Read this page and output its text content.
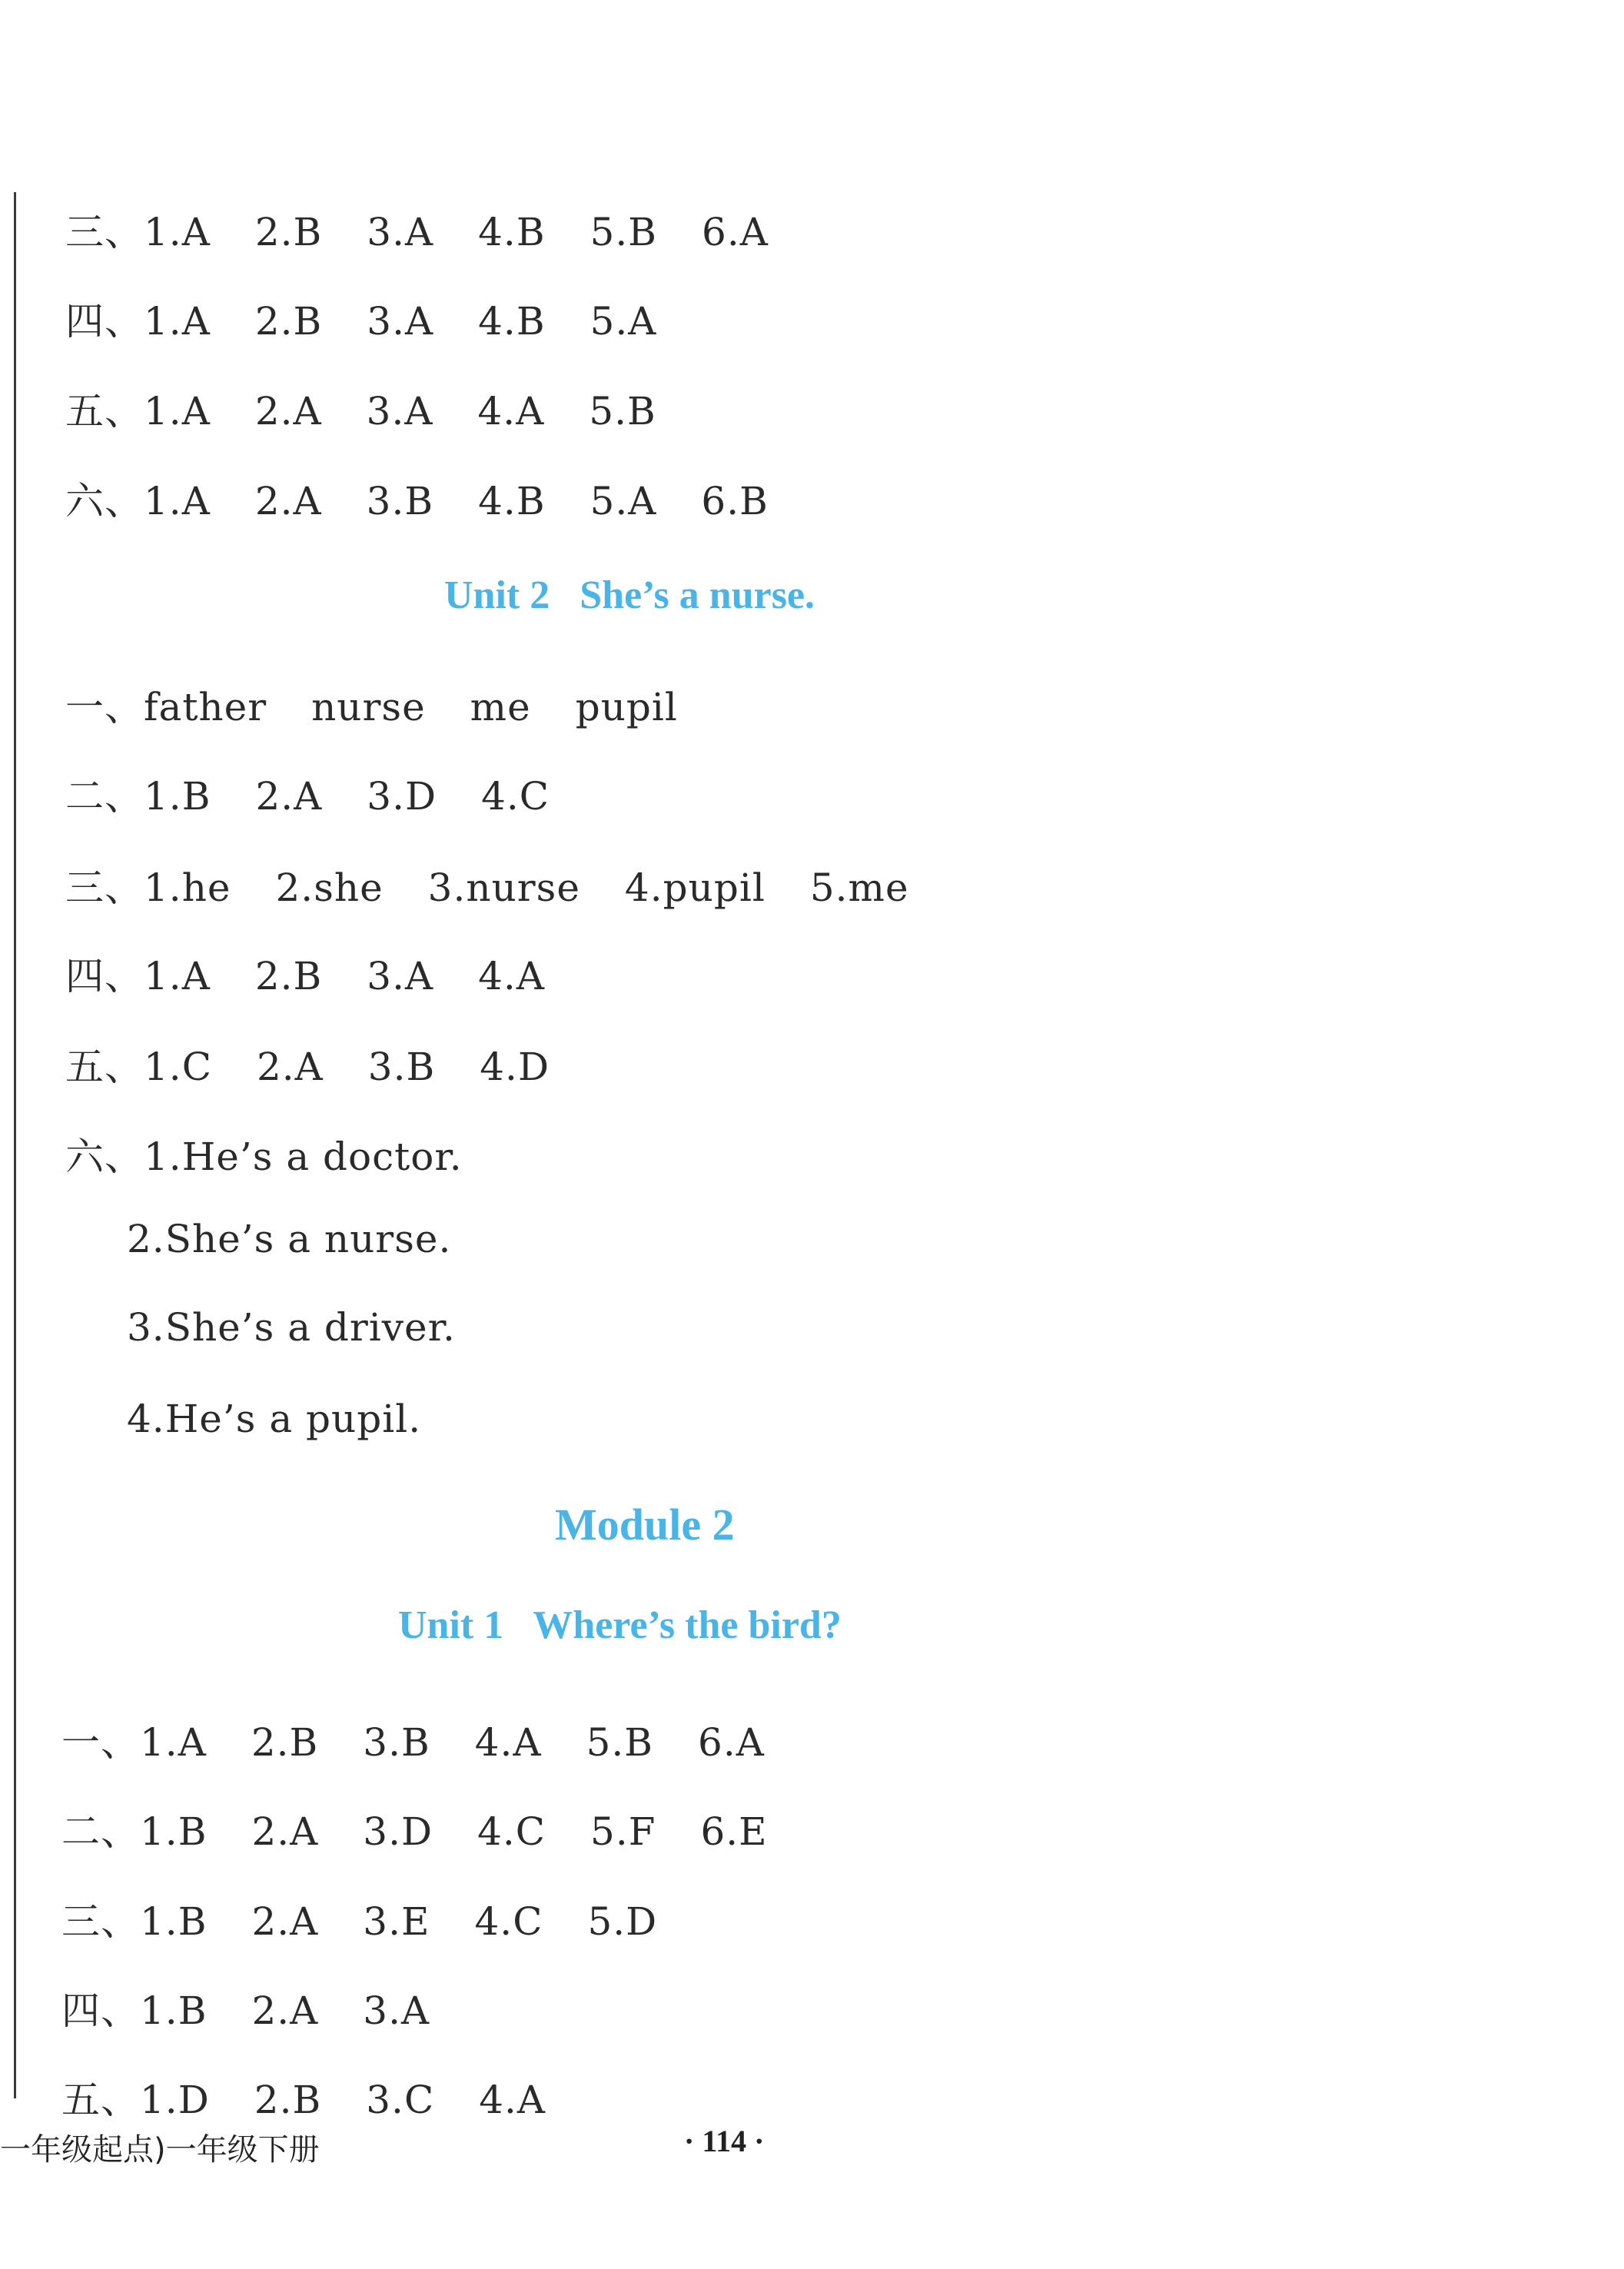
三、1.A 2.B 3.A 4.B 5.B 6.A
四、1.A 2.B 3.A 4.B 5.A
五、1.A 2.A 3.A 4.A 5.B
六、1.A 2.A 3.B 4.B 5.A 6.B
Unit 2   She’s a nurse.
一、father nurse me pupil
二、1.B 2.A 3.D 4.C
三、1.he 2.she 3.nurse 4.pupil 5.me
四、1.A 2.B 3.A 4.A
五、1.C 2.A 3.B 4.D
六、1.He’s a doctor.
2.She’s a nurse.
3.She’s a driver.
4.He’s a pupil.
Module 2
Unit 1   Where’s the bird?
一、1.A 2.B 3.B 4.A 5.B 6.A
二、1.B 2.A 3.D 4.C 5.F 6.E
三、1.B 2.A 3.E 4.C 5.D
四、1.B 2.A 3.A
五、1.D 2.B 3.C 4.A
一年级起点)一年级下册	· 114 ·
